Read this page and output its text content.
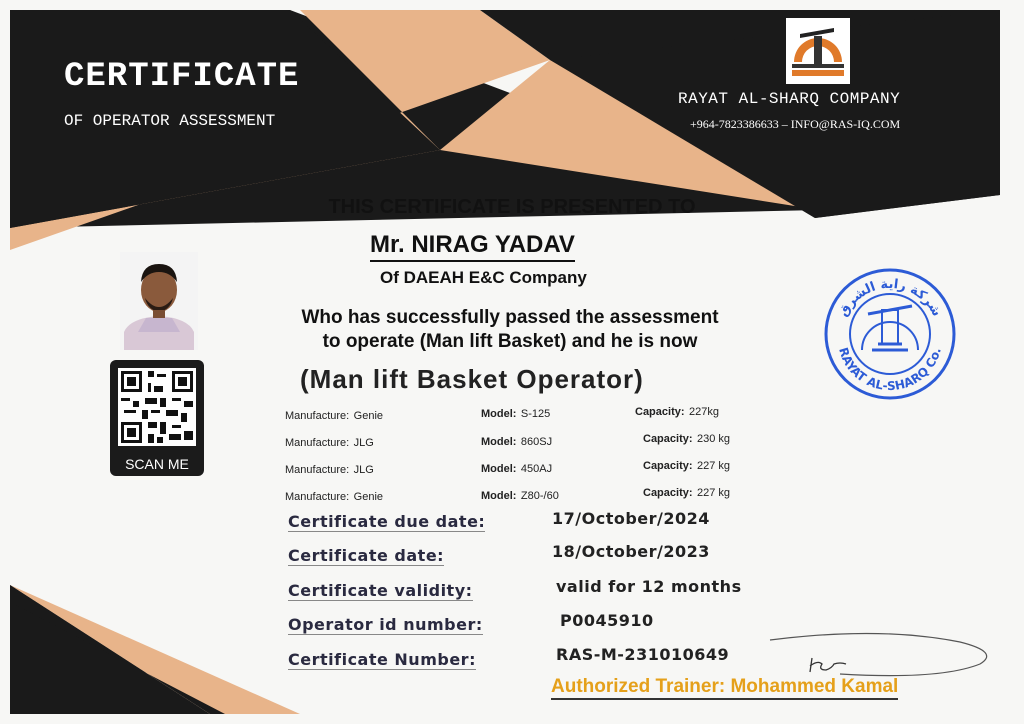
CERTIFICATE
OF OPERATOR ASSESSMENT
RAYAT AL-SHARQ COMPANY
+964-7823386633 – INFO@RAS-IQ.COM
THIS CERTIFICATE IS PRESENTED TO
Mr. NIRAG YADAV
Of DAEAH E&C Company
Who has successfully passed the assessment
to operate (Man lift Basket) and he is now
(Man lift Basket Operator)
SCAN ME
Manufacture: Genie	Model: S-125	Capacity: 227kg
Manufacture: JLG	Model: 860SJ	Capacity: 230 kg
Manufacture: JLG	Model: 450AJ	Capacity: 227 kg
Manufacture: Genie	Model: Z80-/60	Capacity: 227 kg
Certificate due date:	17/October/2024
Certificate date:	18/October/2023
Certificate validity:	valid for 12 months
Operator id number:	P0045910
Certificate Number:	RAS-M-231010649
Authorized Trainer: Mohammed Kamal
شركة راية الشرق
RAYAT AL-SHARQ Co.
